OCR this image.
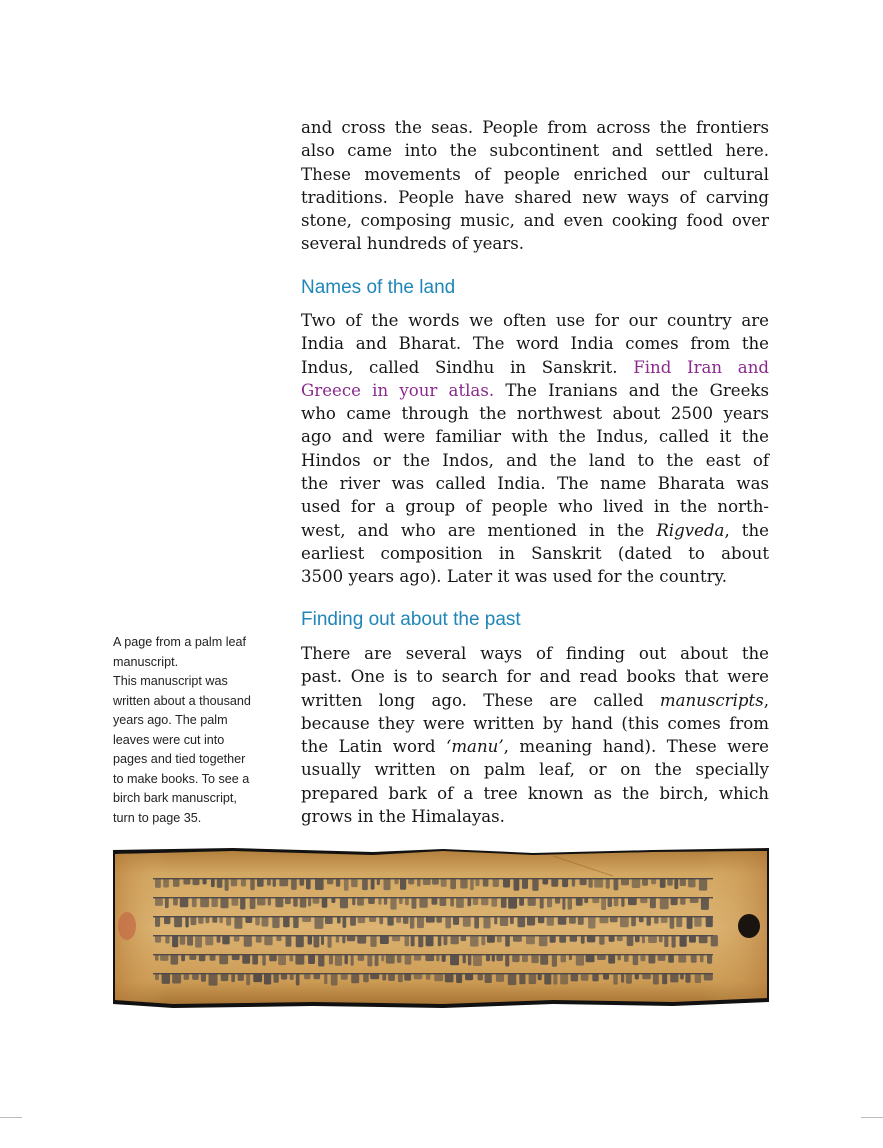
and cross the seas. People from across the frontiers
also came into the subcontinent and settled here.
These movements of people enriched our cultural
traditions. People have shared new ways of carving
stone, composing music, and even cooking food over
several hundreds of years.
Names of the land
Two of the words we often use for our country are
India and Bharat. The word India comes from the
Indus, called Sindhu in Sanskrit. Find Iran and
Greece in your atlas. The Iranians and the Greeks
who came through the northwest about 2500 years
ago and were familiar with the Indus, called it the
Hindos or the Indos, and the land to the east of
the river was called India. The name Bharata was
used for a group of people who lived in the north-
west, and who are mentioned in the Rigveda, the
earliest composition in Sanskrit (dated to about
3500 years ago). Later it was used for the country.
Finding out about the past
There are several ways of finding out about the
past. One is to search for and read books that were
written long ago. These are called manuscripts,
because they were written by hand (this comes from
the Latin word ‘manu’, meaning hand). These were
usually written on palm leaf, or on the specially
prepared bark of a tree known as the birch, which
grows in the Himalayas.
A page from a palm leaf
manuscript.
This manuscript was
written about a thousand
years ago. The palm
leaves were cut into
pages and tied together
to make books. To see a
birch bark manuscript,
turn to page 35.
